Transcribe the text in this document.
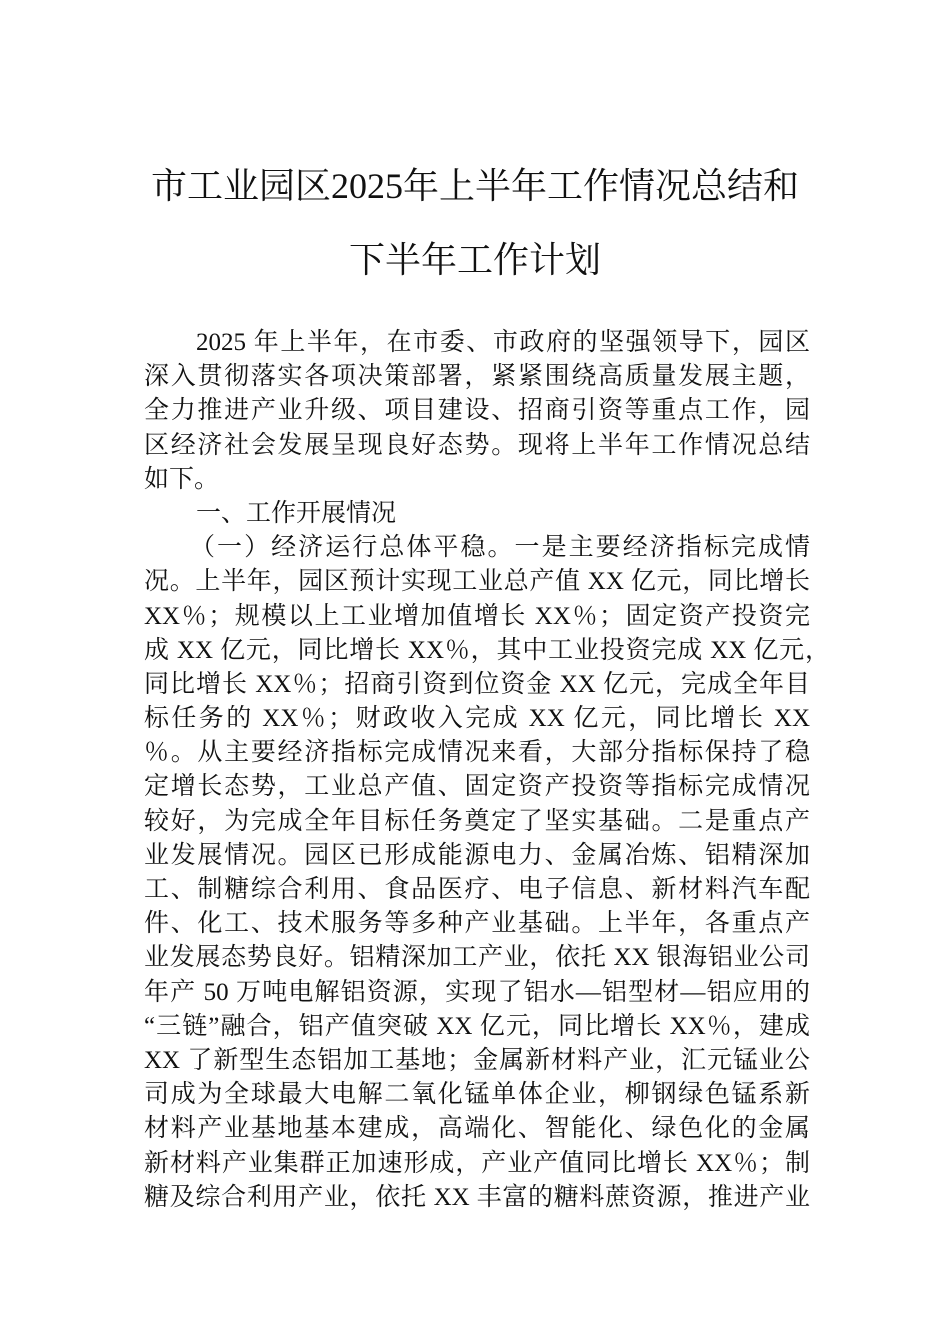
市工业园区2025年上半年工作情况总结和
下半年工作计划
2025 年上半年，在市委、市政府的坚强领导下，园区
深入贯彻落实各项决策部署，紧紧围绕高质量发展主题，
全力推进产业升级、项目建设、招商引资等重点工作，园
区经济社会发展呈现良好态势。现将上半年工作情况总结
如下。
一、工作开展情况
（一）经济运行总体平稳。一是主要经济指标完成情
况。上半年，园区预计实现工业总产值 XX 亿元，同比增长
XX％；规模以上工业增加值增长 XX％；固定资产投资完
成 XX 亿元，同比增长 XX％，其中工业投资完成 XX 亿元，
同比增长 XX％；招商引资到位资金 XX 亿元，完成全年目
标任务的 XX％；财政收入完成 XX 亿元，同比增长 XX
％。从主要经济指标完成情况来看，大部分指标保持了稳
定增长态势，工业总产值、固定资产投资等指标完成情况
较好，为完成全年目标任务奠定了坚实基础。二是重点产
业发展情况。园区已形成能源电力、金属冶炼、铝精深加
工、制糖综合利用、食品医疗、电子信息、新材料汽车配
件、化工、技术服务等多种产业基础。上半年，各重点产
业发展态势良好。铝精深加工产业，依托 XX 银海铝业公司
年产 50 万吨电解铝资源，实现了铝水—铝型材—铝应用的
“三链”融合，铝产值突破 XX 亿元，同比增长 XX％，建成
XX 了新型生态铝加工基地；金属新材料产业，汇元锰业公
司成为全球最大电解二氧化锰单体企业，柳钢绿色锰系新
材料产业基地基本建成，高端化、智能化、绿色化的金属
新材料产业集群正加速形成，产业产值同比增长 XX％；制
糖及综合利用产业，依托 XX 丰富的糖料蔗资源，推进产业
